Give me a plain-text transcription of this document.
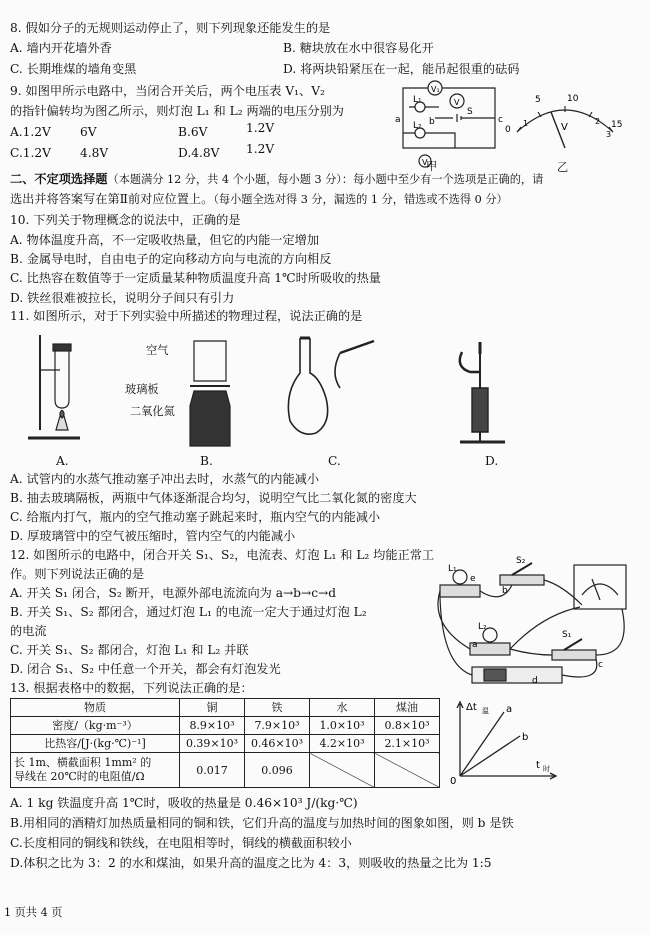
8. 假如分子的无规则运动停止了，则下列现象还能发生的是
A. 墙内开花墙外香	B. 糖块放在水中很容易化开
C. 长期堆煤的墙角变黑	D. 将两块铅紧压在一起，能吊起很重的砝码
9. 如图甲所示电路中，当闭合开关后，两个电压表 V₁、V₂
的指针偏转均为图乙所示，则灯泡 L₁ 和 L₂ 两端的电压分别为
A.1.2V 6V	B.6V	1.2V
C.1.2V 4.8V	D.4.8V 1.2V
V₁
V
V
L₁
L₂
S
a	b	c
甲
0
5	10
15
1	2
3
V
乙
二、不定项选择题（本题满分 12 分，共 4 个小题，每小题 3 分）：每小题中至少有一个选项是正确的，请
选出并将答案写在第Ⅱ前对应位置上。（每小题全选对得 3 分，漏选的 1 分，错选或不选得 0 分）
10. 下列关于物理概念的说法中，正确的是
A. 物体温度升高，不一定吸收热量，但它的内能一定增加
B. 金属导电时，自由电子的定向移动方向与电流的方向相反
C. 比热容在数值等于一定质量某种物质温度升高 1℃时所吸收的热量
D. 铁丝很难被拉长，说明分子间只有引力
11. 如图所示，对于下列实验中所描述的物理过程，说法正确的是
A.
空气
玻璃板
二氧化氮
B.	C.	D.
A. 试管内的水蒸气推动塞子冲出去时，水蒸气的内能减小
B. 抽去玻璃隔板，两瓶中气体逐渐混合均匀，说明空气比二氧化氮的密度大
C. 给瓶内打气，瓶内的空气推动塞子跳起来时，瓶内空气的内能减小
D. 厚玻璃管中的空气被压缩时，管内空气的内能减小
12. 如图所示的电路中，闭合开关 S₁、S₂，电流表、灯泡 L₁ 和 L₂ 均能正常工
作。则下列说法正确的是
A. 开关 S₁ 闭合，S₂ 断开，电源外部电流流向为 a→b→c→d
B. 开关 S₁、S₂ 都闭合，通过灯泡 L₁ 的电流一定大于通过灯泡 L₂
的电流
C. 开关 S₁、S₂ 都闭合，灯泡 L₁ 和 L₂ 并联
D. 闭合 S₁、S₂ 中任意一个开关，都会有灯泡发光
L₁
L₂
S₂
S₁
e
a
b
c
d
13. 根据表格中的数据，下列说法正确的是：
物质	铜	铁	水	煤油
密度/（kg·m⁻³）	8.9×10³	7.9×10³	1.0×10³	0.8×10³
比热容/[J·(kg·℃)⁻¹]	0.39×10³	0.46×10³	4.2×10³	2.1×10³

长 1m、横截面积 1mm² 的
导线在 20℃时的电阻值/Ω	0.017	0.096		
Δt 温 a
b
t 时
0
A. 1 kg 铁温度升高 1℃时，吸收的热量是 0.46×10³ J/(kg·℃)
B.用相同的酒精灯加热质量相同的铜和铁，它们升高的温度与加热时间的图象如图，则 b 是铁
C.长度相同的铜线和铁线，在电阻相等时，铜线的横截面积较小
D.体积之比为 3：2 的水和煤油，如果升高的温度之比为 4：3，则吸收的热量之比为 1:5
1 页共 4 页
